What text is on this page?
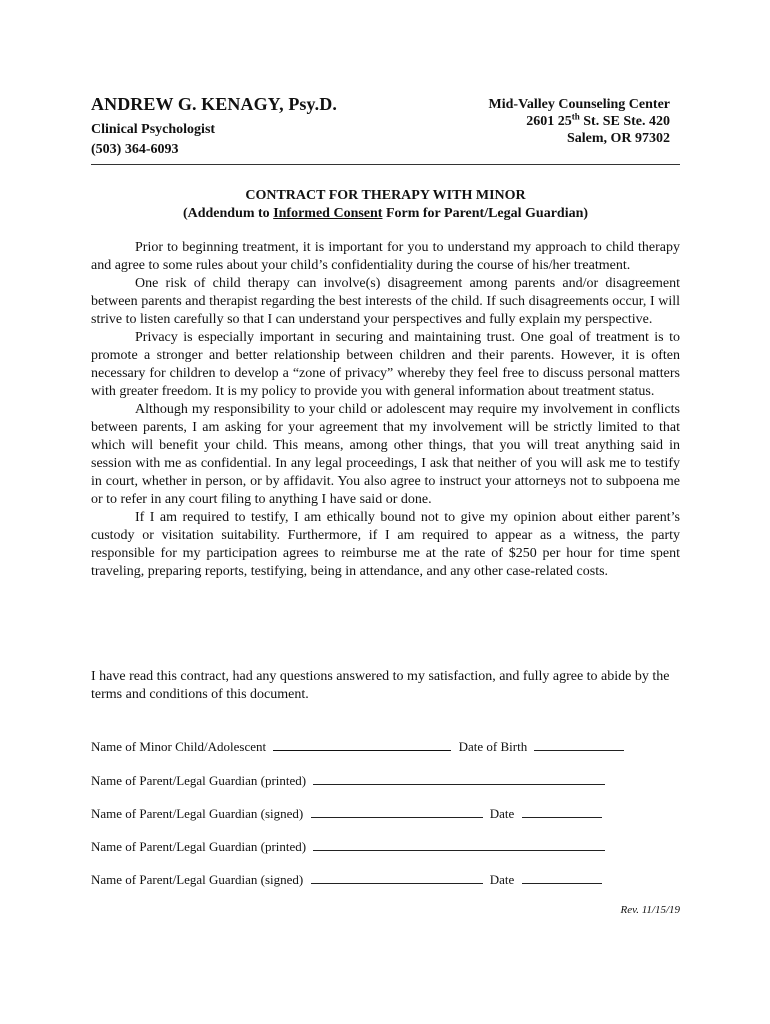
ANDREW G. KENAGY, Psy.D.
Clinical Psychologist
(503) 364-6093
Mid-Valley Counseling Center
2601 25th St. SE Ste. 420
Salem, OR 97302
CONTRACT FOR THERAPY WITH MINOR
(Addendum to Informed Consent Form for Parent/Legal Guardian)

Prior to beginning treatment, it is important for you to understand my approach to child therapy and agree to some rules about your child’s confidentiality during the course of his/her treatment.

One risk of child therapy can involve(s) disagreement among parents and/or disagreement between parents and therapist regarding the best interests of the child. If such disagreements occur, I will strive to listen carefully so that I can understand your perspectives and fully explain my perspective.

Privacy is especially important in securing and maintaining trust. One goal of treatment is to promote a stronger and better relationship between children and their parents. However, it is often necessary for children to develop a “zone of privacy” whereby they feel free to discuss personal matters with greater freedom. It is my policy to provide you with general information about treatment status.

Although my responsibility to your child or adolescent may require my involvement in conflicts between parents, I am asking for your agreement that my involvement will be strictly limited to that which will benefit your child. This means, among other things, that you will treat anything said in session with me as confidential. In any legal proceedings, I ask that neither of you will ask me to testify in court, whether in person, or by affidavit. You also agree to instruct your attorneys not to subpoena me or to refer in any court filing to anything I have said or done.

If I am required to testify, I am ethically bound not to give my opinion about either parent’s custody or visitation suitability. Furthermore, if I am required to appear as a witness, the party responsible for my participation agrees to reimburse me at the rate of $250 per hour for time spent traveling, preparing reports, testifying, being in attendance, and any other case-related costs.

I have read this contract, had any questions answered to my satisfaction, and fully agree to abide by the terms and conditions of this document.

Name of Minor Child/Adolescent	Date of Birth
Name of Parent/Legal Guardian (printed)
Name of Parent/Legal Guardian (signed)	Date
Name of Parent/Legal Guardian (printed)
Name of Parent/Legal Guardian (signed)	Date
Rev. 11/15/19
